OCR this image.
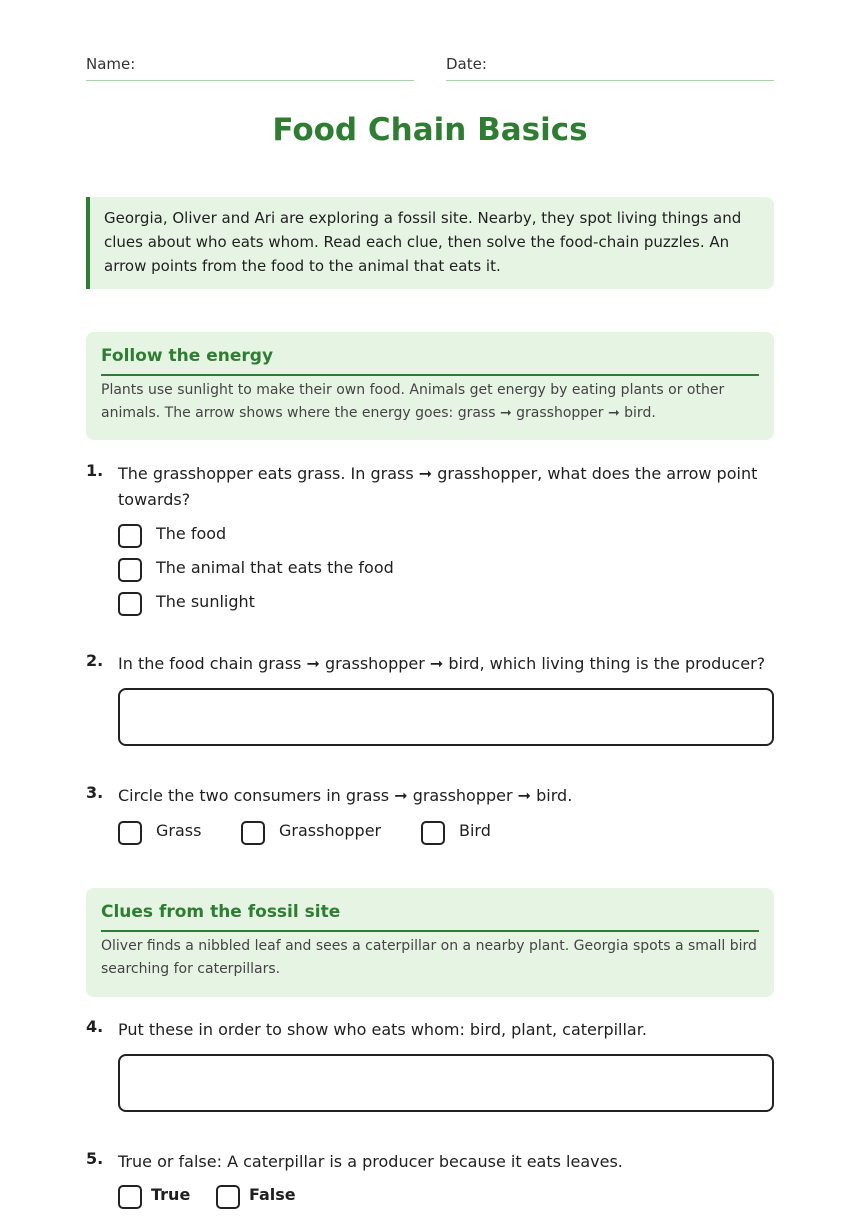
Name:	Date:
Food Chain Basics
Georgia, Oliver and Ari are exploring a fossil site. Nearby, they spot living things and clues about who eats whom. Read each clue, then solve the food-chain puzzles. An arrow points from the food to the animal that eats it.
Follow the energy
Plants use sunlight to make their own food. Animals get energy by eating plants or other animals. The arrow shows where the energy goes: grass ➞ grasshopper ➞ bird.
1. The grasshopper eats grass. In grass ➞ grasshopper, what does the arrow point towards?
The food
The animal that eats the food
The sunlight
2. In the food chain grass ➞ grasshopper ➞ bird, which living thing is the producer?
3. Circle the two consumers in grass ➞ grasshopper ➞ bird.
Grass	Grasshopper	Bird
Clues from the fossil site
Oliver finds a nibbled leaf and sees a caterpillar on a nearby plant. Georgia spots a small bird searching for caterpillars.
4. Put these in order to show who eats whom: bird, plant, caterpillar.
5. True or false: A caterpillar is a producer because it eats leaves.
True	False
